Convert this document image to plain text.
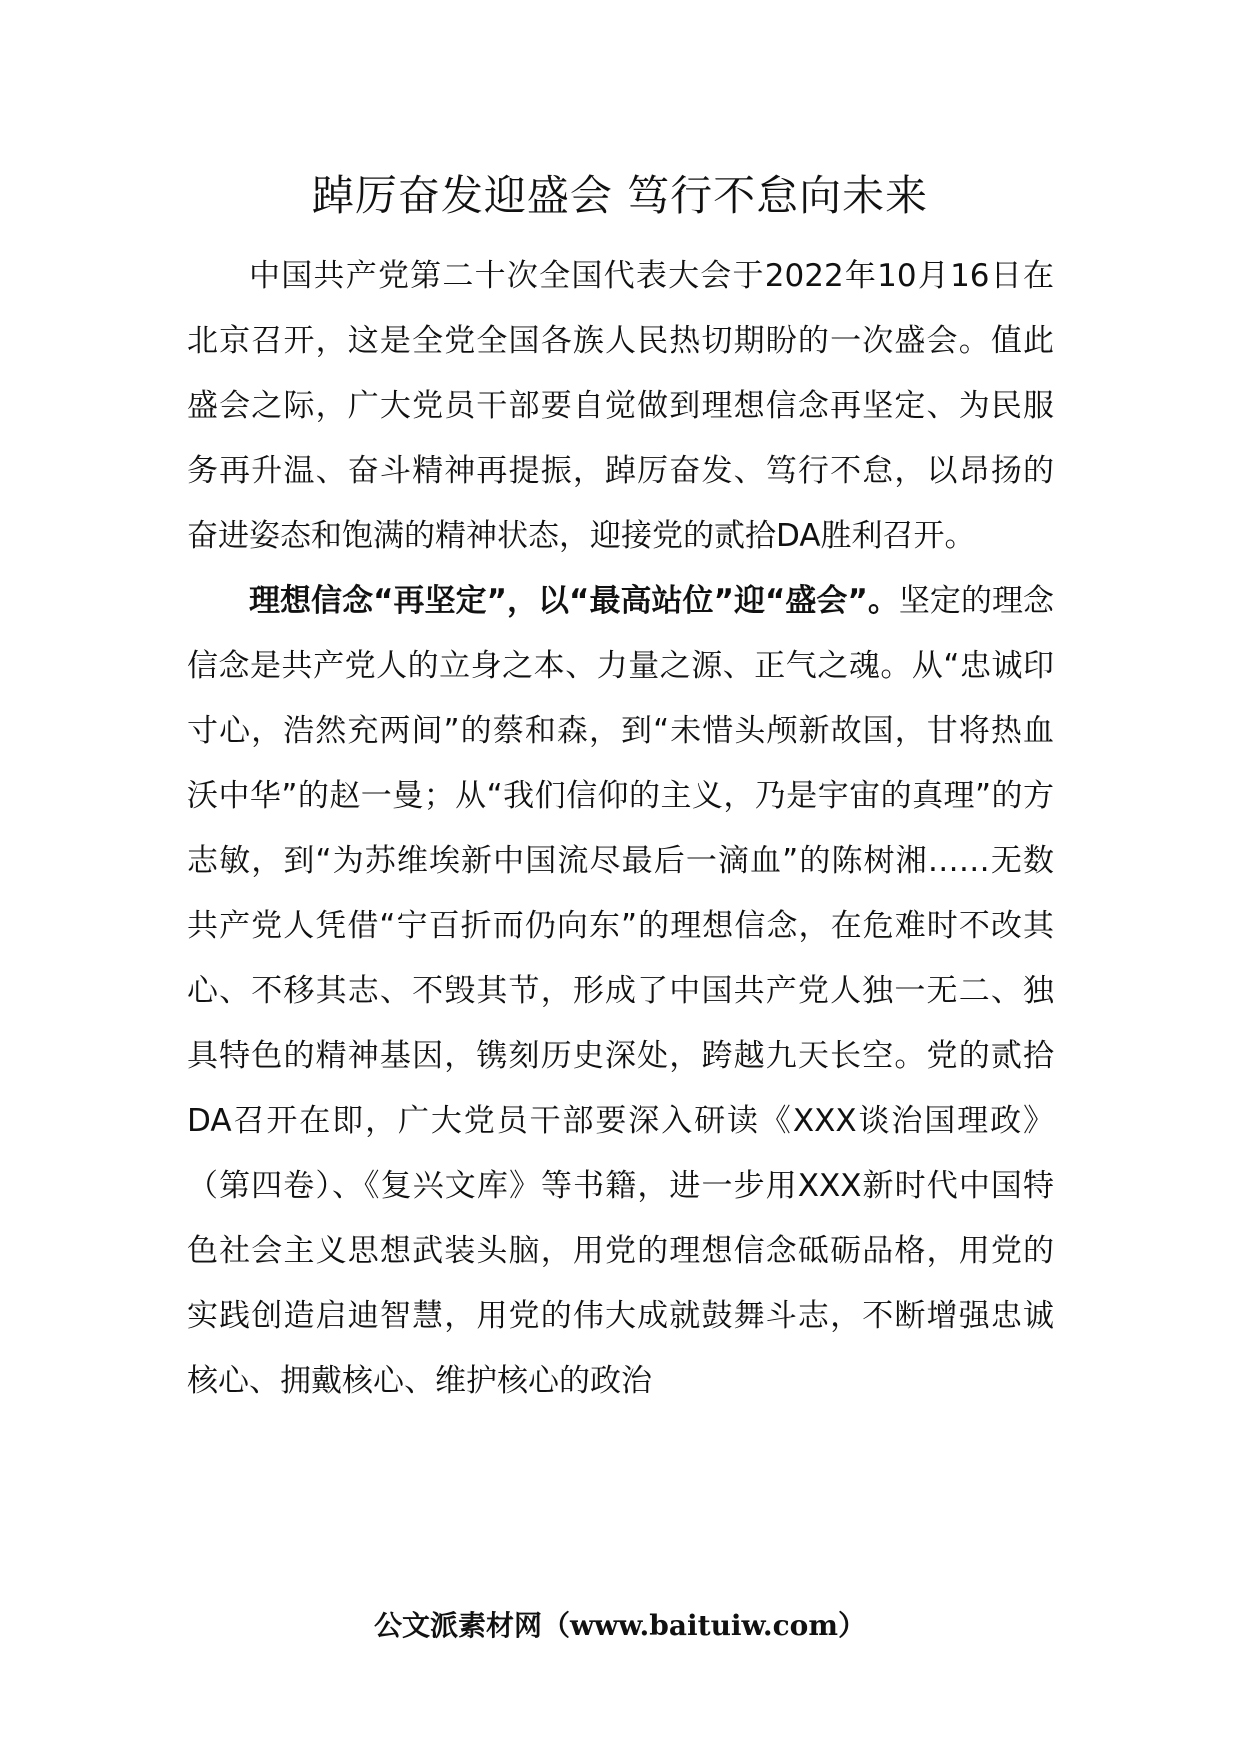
踔厉奋发迎盛会 笃行不怠向未来

中国共产党第二十次全国代表大会于2022年10月16日在北京召开，这是全党全国各族人民热切期盼的一次盛会。值此盛会之际，广大党员干部要自觉做到理想信念再坚定、为民服务再升温、奋斗精神再提振，踔厉奋发、笃行不怠，以昂扬的奋进姿态和饱满的精神状态，迎接党的贰拾DA胜利召开。

理想信念“再坚定”，以“最高站位”迎“盛会”。坚定的理念信念是共产党人的立身之本、力量之源、正气之魂。从“忠诚印寸心，浩然充两间”的蔡和森，到“未惜头颅新故国，甘将热血沃中华”的赵一曼；从“我们信仰的主义，乃是宇宙的真理”的方志敏，到“为苏维埃新中国流尽最后一滴血”的陈树湘……无数共产党人凭借“宁百折而仍向东”的理想信念，在危难时不改其心、不移其志、不毁其节，形成了中国共产党人独一无二、独具特色的精神基因，镌刻历史深处，跨越九天长空。党的贰拾DA召开在即，广大党员干部要深入研读《XXX谈治国理政》（第四卷）、《复兴文库》等书籍，进一步用XXX新时代中国特色社会主义思想武装头脑，用党的理想信念砥砺品格，用党的实践创造启迪智慧，用党的伟大成就鼓舞斗志，不断增强忠诚核心、拥戴核心、维护核心的政治

公文派素材网（www.baituiw.com）
